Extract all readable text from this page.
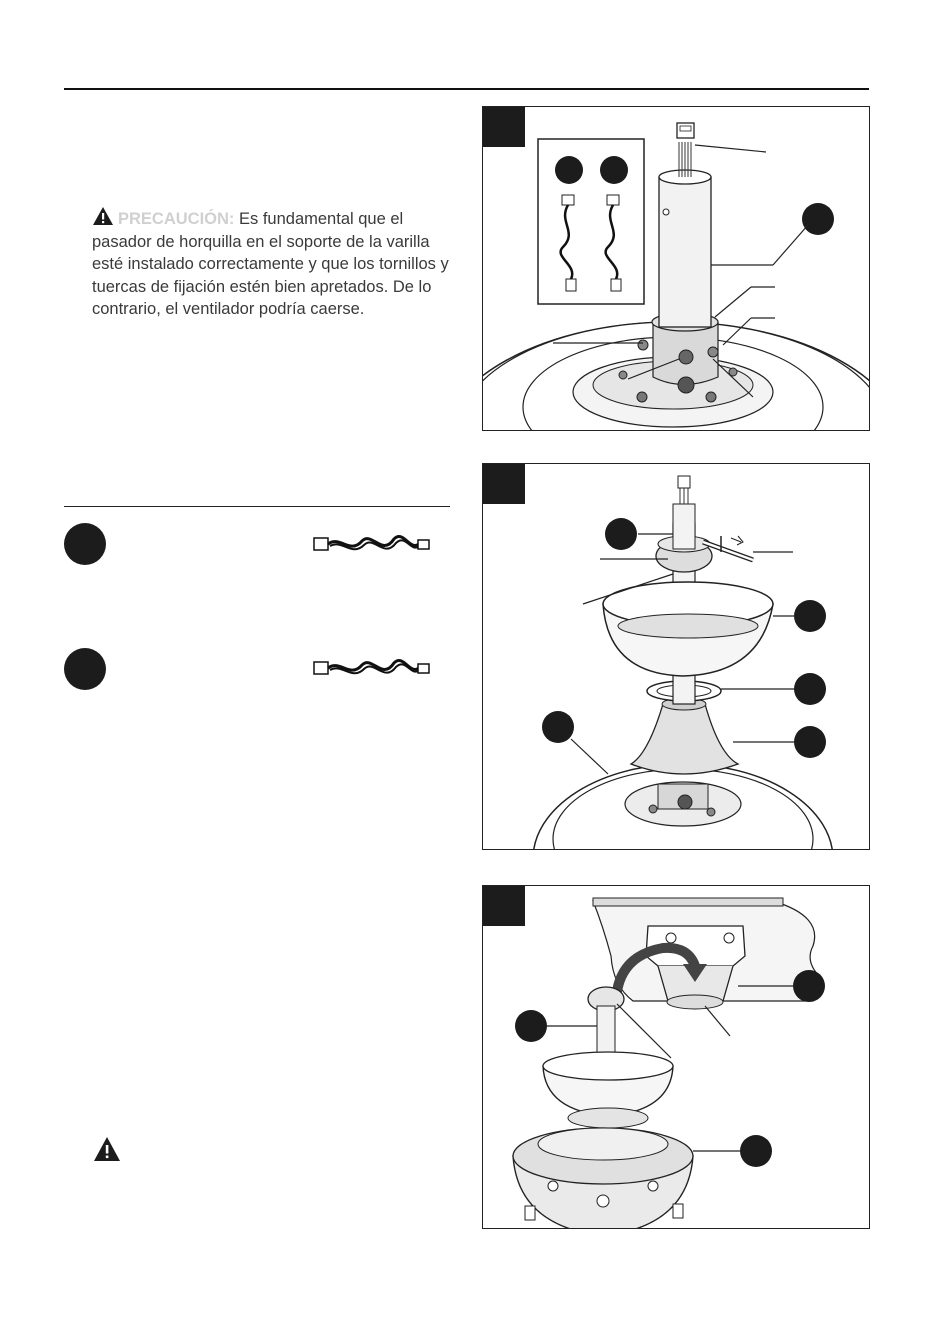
PRECAUCIÓN: Es fundamental que el pasador de horquilla en el soporte de la varilla esté instalado correctamente y que los tornillos y tuercas de fijación estén bien apretados. De lo contrario, el ventilador podría caerse.
